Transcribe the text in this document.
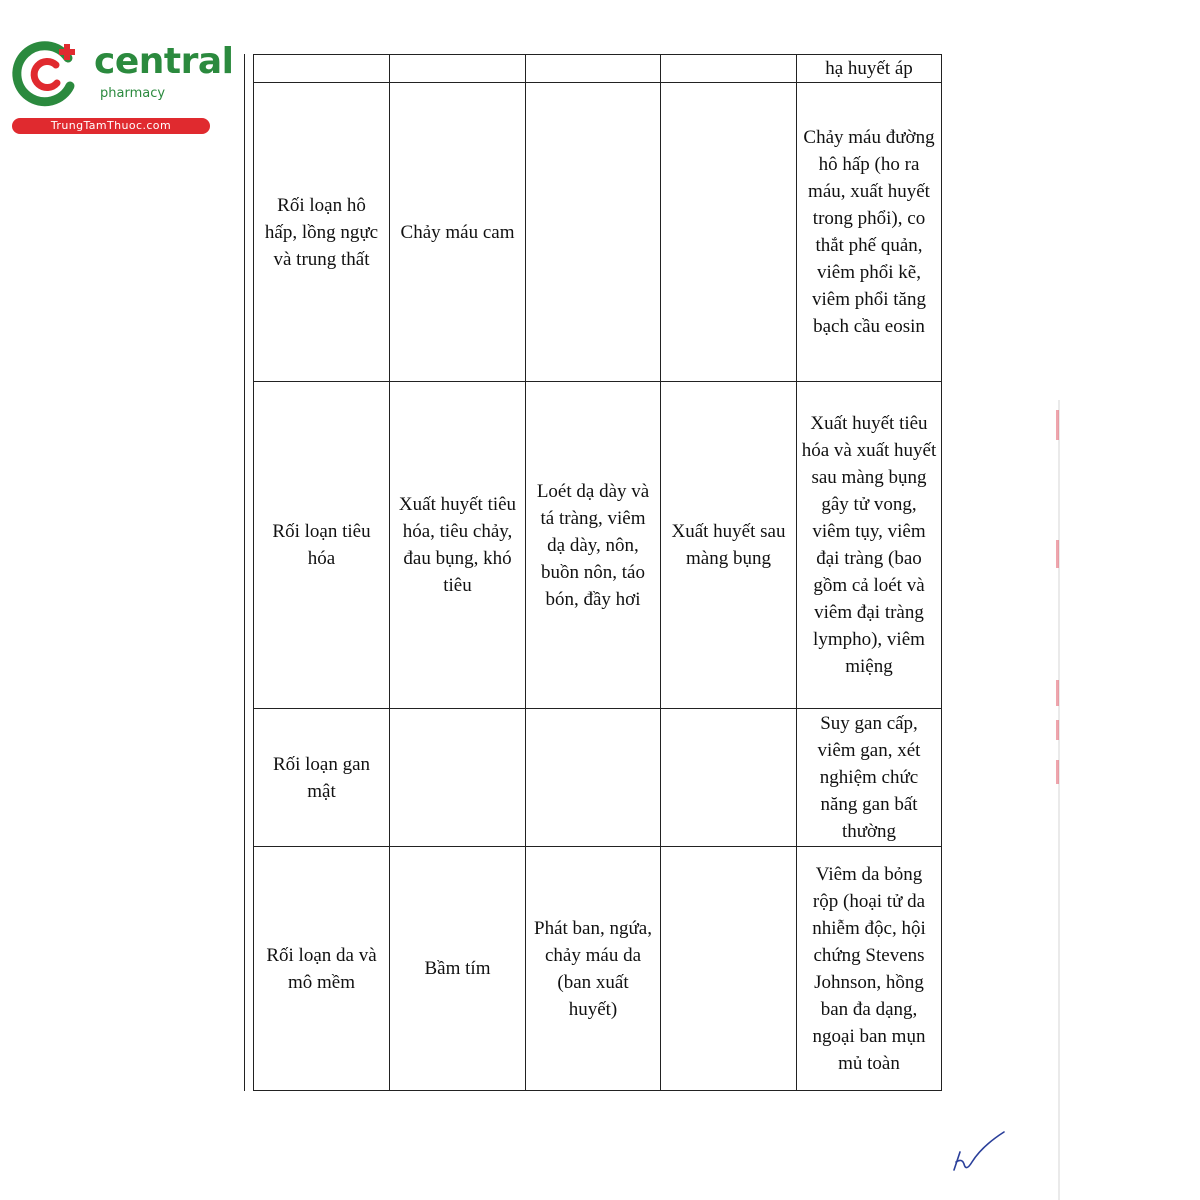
central
pharmacy
TrungTamThuoc.com
				hạ huyết áp
Rối loạn hô hấp, lồng ngực và trung thất	Chảy máu cam			Chảy máu đường hô hấp (ho ra máu, xuất huyết trong phổi), co thắt phế quản, viêm phổi kẽ, viêm phổi tăng bạch cầu eosin
Rối loạn tiêu hóa	Xuất huyết tiêu hóa, tiêu chảy, đau bụng, khó tiêu	Loét dạ dày và tá tràng, viêm dạ dày, nôn, buồn nôn, táo bón, đầy hơi	Xuất huyết sau màng bụng	Xuất huyết tiêu hóa và xuất huyết sau màng bụng gây tử vong, viêm tụy, viêm đại tràng (bao gồm cả loét và viêm đại tràng lympho), viêm miệng
Rối loạn gan mật				Suy gan cấp, viêm gan, xét nghiệm chức năng gan bất thường
Rối loạn da và mô mềm	Bầm tím	Phát ban, ngứa, chảy máu da (ban xuất huyết)		Viêm da bỏng rộp (hoại tử da nhiễm độc, hội chứng Stevens Johnson, hồng ban đa dạng, ngoại ban mụn mủ toàn
